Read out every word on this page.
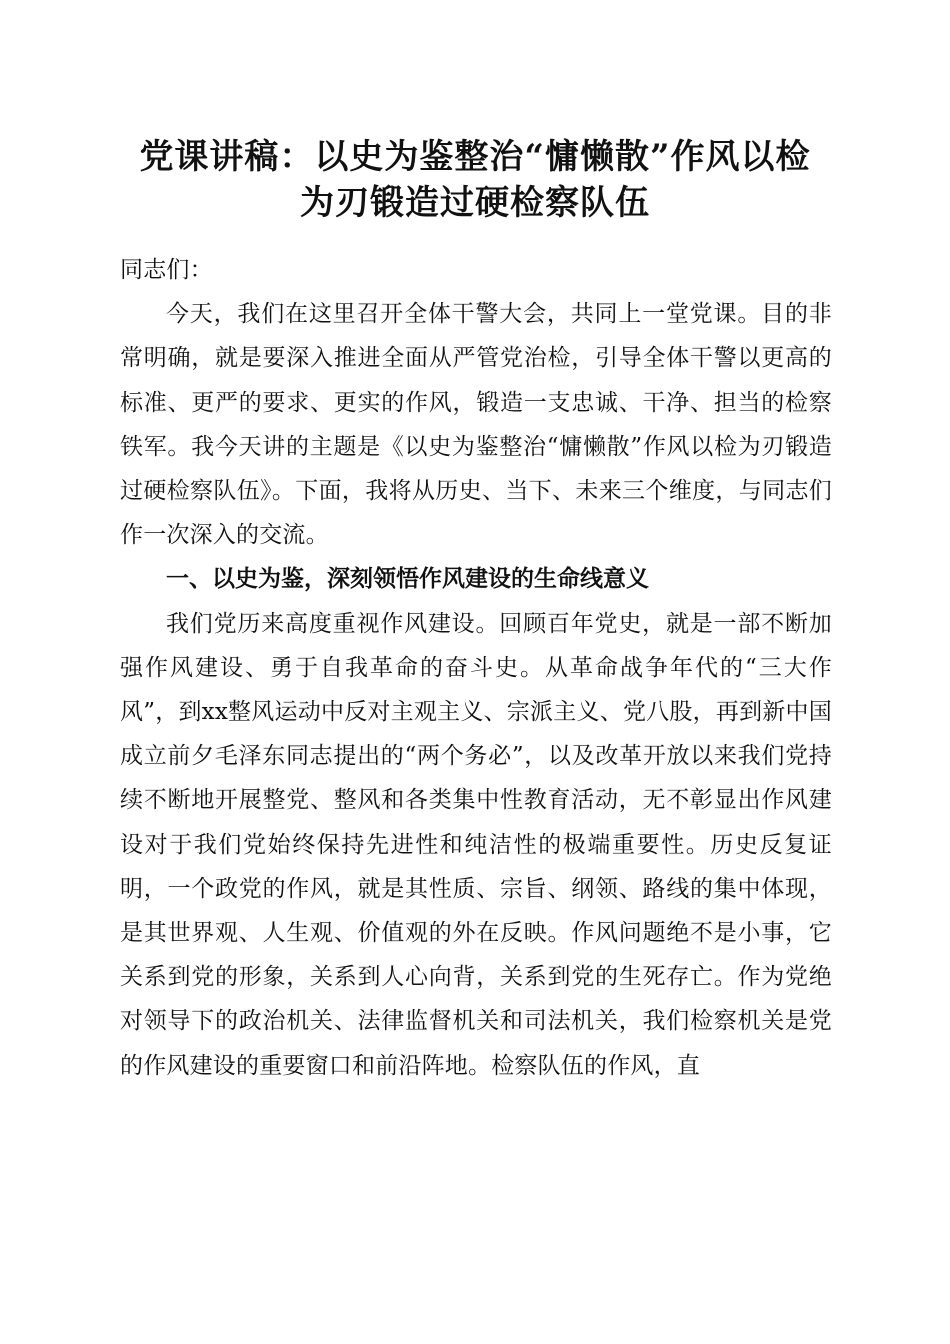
党课讲稿：以史为鉴整治“慵懒散”作风以检
为刃锻造过硬检察队伍

同志们：

今天，我们在这里召开全体干警大会，共同上一堂党课。目的非常明确，就是要深入推进全面从严管党治检，引导全体干警以更高的标准、更严的要求、更实的作风，锻造一支忠诚、干净、担当的检察铁军。我今天讲的主题是《以史为鉴整治“慵懒散”作风以检为刃锻造过硬检察队伍》。下面，我将从历史、当下、未来三个维度，与同志们作一次深入的交流。

一、以史为鉴，深刻领悟作风建设的生命线意义

我们党历来高度重视作风建设。回顾百年党史，就是一部不断加强作风建设、勇于自我革命的奋斗史。从革命战争年代的“三大作风”，到xx整风运动中反对主观主义、宗派主义、党八股，再到新中国成立前夕毛泽东同志提出的“两个务必”，以及改革开放以来我们党持续不断地开展整党、整风和各类集中性教育活动，无不彰显出作风建设对于我们党始终保持先进性和纯洁性的极端重要性。历史反复证明，一个政党的作风，就是其性质、宗旨、纲领、路线的集中体现，是其世界观、人生观、价值观的外在反映。作风问题绝不是小事，它关系到党的形象，关系到人心向背，关系到党的生死存亡。作为党绝对领导下的政治机关、法律监督机关和司法机关，我们检察机关是党的作风建设的重要窗口和前沿阵地。检察队伍的作风，直
